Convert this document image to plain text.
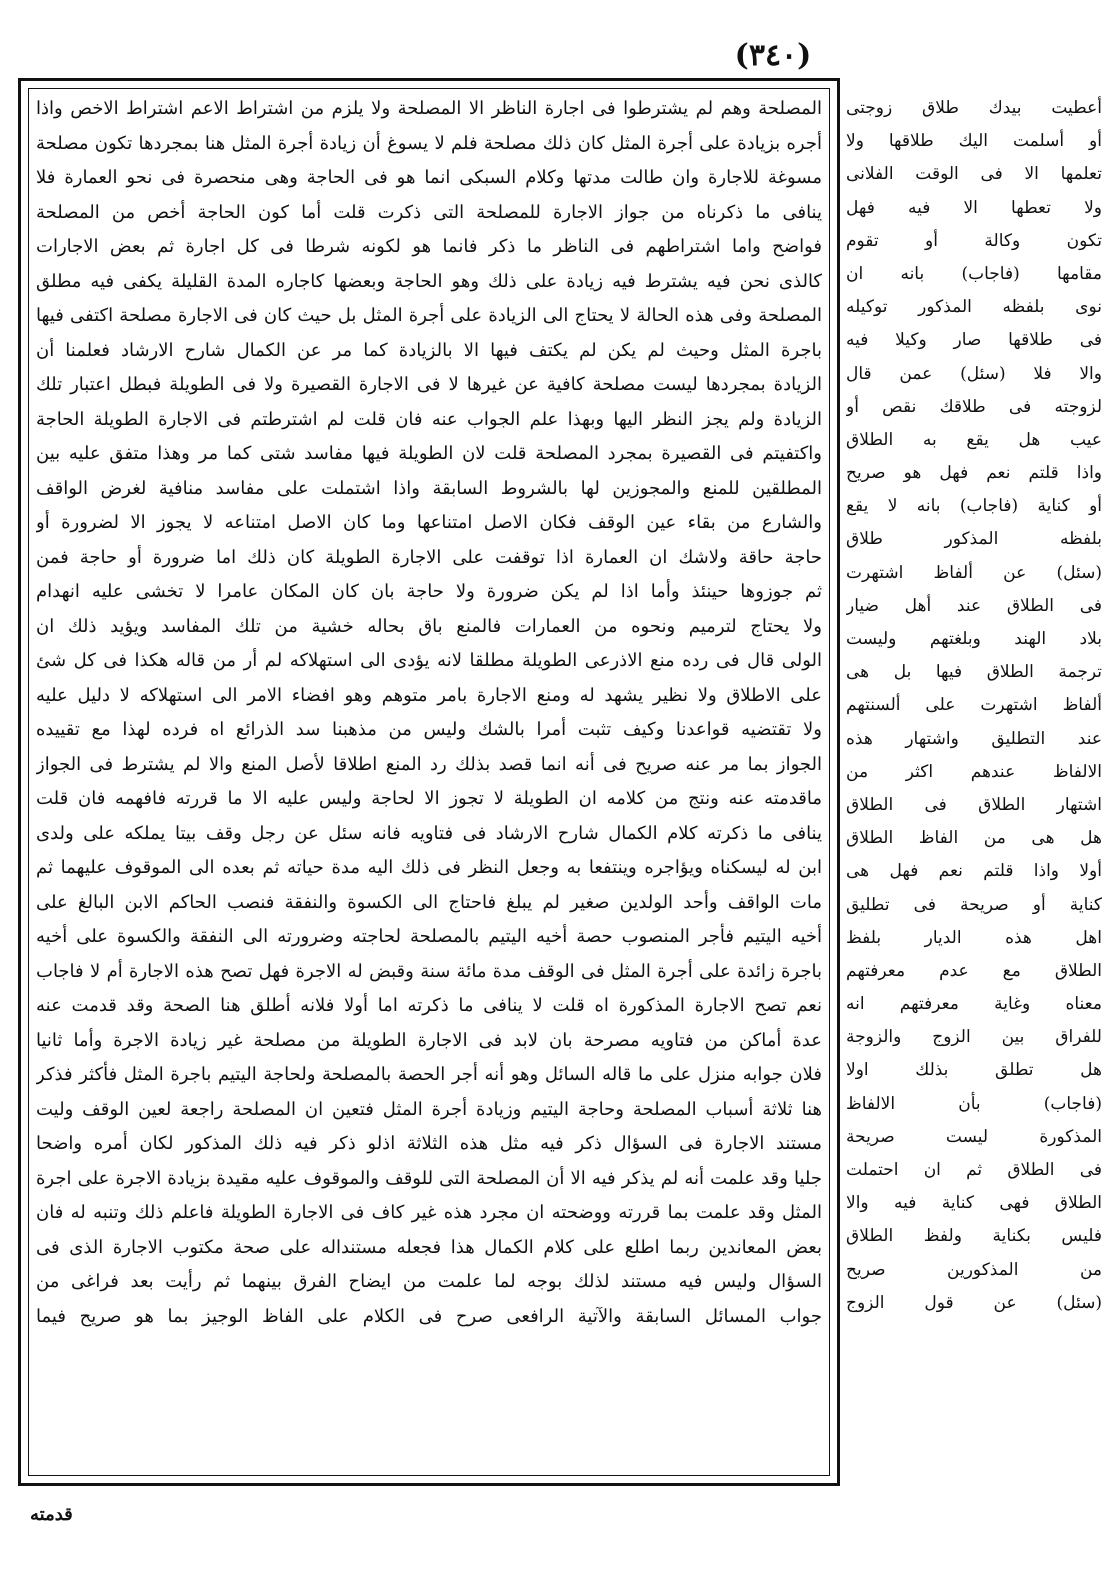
(٣٤٠)
المصلحة وهم لم يشترطوا فى اجارة الناظر الا المصلحة ولا يلزم من اشتراط الاعم اشتراط الاخص واذا
أجره بزيادة على أجرة المثل كان ذلك مصلحة فلم لا يسوغ أن زيادة أجرة المثل هنا بمجردها تكون مصلحة
مسوغة للاجارة وان طالت مدتها وكلام السبكى انما هو فى الحاجة وهى منحصرة فى نحو العمارة فلا
ينافى ما ذكرناه من جواز الاجارة للمصلحة التى ذكرت قلت أما كون الحاجة أخص من المصلحة
فواضح واما اشتراطهم فى الناظر ما ذكر فانما هو لكونه شرطا فى كل اجارة ثم بعض الاجارات
كالذى نحن فيه يشترط فيه زيادة على ذلك وهو الحاجة وبعضها كاجاره المدة القليلة يكفى فيه مطلق
المصلحة وفى هذه الحالة لا يحتاج الى الزيادة على أجرة المثل بل حيث كان فى الاجارة مصلحة اكتفى فيها
باجرة المثل وحيث لم يكن لم يكتف فيها الا بالزيادة كما مر عن الكمال شارح الارشاد فعلمنا أن
الزيادة بمجردها ليست مصلحة كافية عن غيرها لا فى الاجارة القصيرة ولا فى الطويلة فبطل اعتبار تلك
الزيادة ولم يجز النظر اليها وبهذا علم الجواب عنه فان قلت لم اشترطتم فى الاجارة الطويلة الحاجة
واكتفيتم فى القصيرة بمجرد المصلحة قلت لان الطويلة فيها مفاسد شتى كما مر وهذا متفق عليه بين
المطلقين للمنع والمجوزين لها بالشروط السابقة واذا اشتملت على مفاسد منافية لغرض الواقف
والشارع من بقاء عين الوقف فكان الاصل امتناعها وما كان الاصل امتناعه لا يجوز الا لضرورة أو
حاجة حاقة ولاشك ان العمارة اذا توقفت على الاجارة الطويلة كان ذلك اما ضرورة أو حاجة فمن
ثم جوزوها حينئذ وأما اذا لم يكن ضرورة ولا حاجة بان كان المكان عامرا لا تخشى عليه انهدام
ولا يحتاج لترميم ونحوه من العمارات فالمنع باق بحاله خشية من تلك المفاسد ويؤيد ذلك ان
الولى قال فى رده منع الاذرعى الطويلة مطلقا لانه يؤدى الى استهلاكه لم أر من قاله هكذا فى كل شئ
على الاطلاق ولا نظير يشهد له ومنع الاجارة بامر متوهم وهو افضاء الامر الى استهلاكه لا دليل عليه
ولا تقتضيه قواعدنا وكيف تثبت أمرا بالشك وليس من مذهبنا سد الذرائع اه فرده لهذا مع تقييده
الجواز بما مر عنه صريح فى أنه انما قصد بذلك رد المنع اطلاقا لأصل المنع والا لم يشترط فى الجواز
ماقدمته عنه ونتج من كلامه ان الطويلة لا تجوز الا لحاجة وليس عليه الا ما قررته فافهمه فان قلت
ينافى ما ذكرته كلام الكمال شارح الارشاد فى فتاويه فانه سئل عن رجل وقف بيتا يملكه على ولدى
ابن له ليسكناه ويؤاجره وينتفعا به وجعل النظر فى ذلك اليه مدة حياته ثم بعده الى الموقوف عليهما ثم
مات الواقف وأحد الولدين صغير لم يبلغ فاحتاج الى الكسوة والنفقة فنصب الحاكم الابن البالغ على
أخيه اليتيم فأجر المنصوب حصة أخيه اليتيم بالمصلحة لحاجته وضرورته الى النفقة والكسوة على أخيه
باجرة زائدة على أجرة المثل فى الوقف مدة مائة سنة وقبض له الاجرة فهل تصح هذه الاجارة أم لا فاجاب
نعم تصح الاجارة المذكورة اه قلت لا ينافى ما ذكرته اما أولا فلانه أطلق هنا الصحة وقد قدمت عنه
عدة أماكن من فتاويه مصرحة بان لابد فى الاجارة الطويلة من مصلحة غير زيادة الاجرة وأما ثانيا
فلان جوابه منزل على ما قاله السائل وهو أنه أجر الحصة بالمصلحة ولحاجة اليتيم باجرة المثل فأكثر فذكر
هنا ثلاثة أسباب المصلحة وحاجة اليتيم وزيادة أجرة المثل فتعين ان المصلحة راجعة لعين الوقف وليت
مستند الاجارة فى السؤال ذكر فيه مثل هذه الثلاثة اذلو ذكر فيه ذلك المذكور لكان أمره واضحا
جليا وقد علمت أنه لم يذكر فيه الا أن المصلحة التى للوقف والموقوف عليه مقيدة بزيادة الاجرة على اجرة
المثل وقد علمت بما قررته ووضحته ان مجرد هذه غير كاف فى الاجارة الطويلة فاعلم ذلك وتنبه له فان
بعض المعاندين ربما اطلع على كلام الكمال هذا فجعله مستنداله على صحة مكتوب الاجارة الذى فى
السؤال وليس فيه مستند لذلك بوجه لما علمت من ايضاح الفرق بينهما ثم رأيت بعد فراغى من
جواب المسائل السابقة والآتية الرافعى صرح فى الكلام على الفاظ الوجيز بما هو صريح فيما
أعطيت بيدك طلاق زوجتى
أو أسلمت اليك طلاقها ولا
تعلمها الا فى الوقت الفلانى
ولا تعطها الا فيه فهل
تكون وكالة أو تقوم
مقامها (فاجاب) بانه ان
نوى بلفظه المذكور توكيله
فى طلاقها صار وكيلا فيه
والا فلا (سئل) عمن قال
لزوجته فى طلاقك نقص أو
عيب هل يقع به الطلاق
واذا قلتم نعم فهل هو صريح
أو كناية (فاجاب) بانه لا يقع
بلفظه المذكور طلاق
(سئل) عن ألفاظ اشتهرت
فى الطلاق عند أهل ضيار
بلاد الهند وبلغتهم وليست
ترجمة الطلاق فيها بل هى
ألفاظ اشتهرت على ألسنتهم
عند التطليق واشتهار هذه
الالفاظ عندهم اكثر من
اشتهار الطلاق فى الطلاق
هل هى من الفاظ الطلاق
أولا واذا قلتم نعم فهل هى
كناية أو صريحة فى تطليق
اهل هذه الديار بلفظ
الطلاق مع عدم معرفتهم
معناه وغاية معرفتهم انه
للفراق بين الزوج والزوجة
هل تطلق بذلك اولا
(فاجاب) بأن الالفاظ
المذكورة ليست صريحة
فى الطلاق ثم ان احتملت
الطلاق فهى كناية فيه والا
فليس بكناية ولفظ الطلاق
من المذكورين صريح
(سئل) عن قول الزوج
قدمته
